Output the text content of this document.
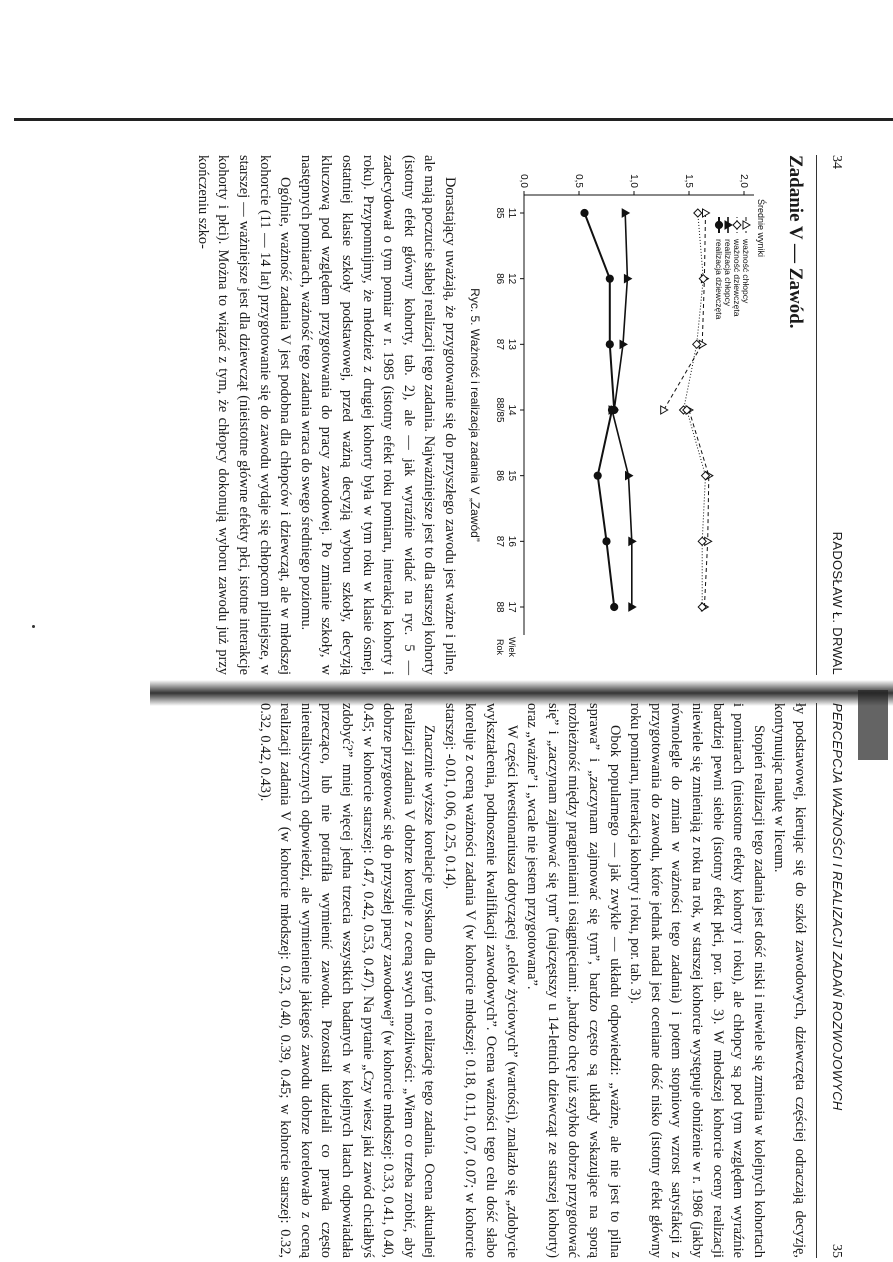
34
RADOSŁAW Ł. DRWAL
Zadanie V — Zawód.
0,0	0,5	1,0	1,5	2,0
Średnie wyniki
11
85
12
86
13
87
14
88/85
15
86
16
87
17
88
Wiek
Rok
ważność chłopcy
ważność dziewczęta
realizacja chłopcy
realizacja dziewczęta
Ryc. 5. Ważność i realizacja zadania V „Zawód”

Dorastający uważają, że przygotowanie się do przyszłego zawodu jest ważne i pilne, ale mają poczucie słabej realizacji tego zadania. Najważniejsze jest to dla starszej kohorty (istotny efekt główny kohorty, tab. 2), ale — jak wyraźnie widać na ryc. 5 — zadecydował o tym pomiar w r. 1985 (istotny efekt roku pomiaru, interakcja kohorty i roku). Przypomnijmy, że młodzież z drugiej kohorty była w tym roku w klasie ósmej, ostatniej klasie szkoły podstawowej, przed ważną decyzją wyboru szkoły, decyzją kluczową pod względem przygotowania do pracy zawodowej. Po zmianie szkoły, w następnych pomiarach, ważność tego zadania wraca do swego średniego poziomu.

Ogólnie, ważność zadania V jest podobna dla chłopców i dziewcząt, ale w młodszej kohorcie (11 — 14 lat) przygotowanie się do zawodu wydaje się chłopcom pilniejsze, w starszej — ważniejsze jest dla dziewcząt (nieistotne główne efekty płci, istotne interakcje kohorty i płci). Można to wiązać z tym, że chłopcy dokonują wyboru zawodu już przy kończeniu szko-

PERCEPCJA WAŻNOŚCI I REALIZACJI ZADAŃ ROZWOJOWYCH
35

ły podstawowej, kierując się do szkół zawodowych, dziewczęta częściej odraczają decyzję, kontynuując naukę w liceum.

Stopień realizacji tego zadania jest dość niski i niewiele się zmienia w kolejnych kohortach i pomiarach (nieistotne efekty kohorty i roku), ale chłopcy są pod tym względem wyraźnie bardziej pewni siebie (istotny efekt płci, por. tab. 3). W młodszej kohorcie oceny realizacji niewiele się zmieniają z roku na rok, w starszej kohorcie występuje obniżenie w r. 1986 (jakby równolegle do zmian w ważności tego zadania) i potem stopniowy wzrost satysfakcji z przygotowania do zawodu, które jednak nadal jest oceniane dość nisko (istotny efekt główny roku pomiaru, interakcja kohorty i roku, por. tab. 3).

Obok popularnego — jak zwykle — układu odpowiedzi: „ważne, ale nie jest to pilna sprawa” i „zaczynam zajmować się tym”, bardzo często są układy wskazujące na sporą rozbieżność między pragnieniami i osiągnięciami: „bardzo chcę już szybko dobrze przygotować się” i „zaczynam zajmować się tym” (najczęstszy u 14-letnich dziewcząt ze starszej kohorty) oraz „ważne” i „wcale nie jestem przygotowana”.

W części kwestionariusza dotyczącej „celów życiowych” (wartości), znalazło się „zdobycie wykształcenia, podnoszenie kwalifikacji zawodowych”. Ocena ważności tego celu dość słabo koreluje z oceną ważności zadania V (w kohorcie młodszej: 0.18, 0.11, 0.07, 0.07; w kohorcie starszej: -0.01, 0.06, 0.25, 0.14).

Znacznie wyższe korelacje uzyskano dla pytań o realizację tego zadania. Ocena aktualnej realizacji zadania V dobrze koreluje z oceną swych możliwości: „Wiem co trzeba zrobić, aby dobrze przygotować się do przyszłej pracy zawodowej” (w kohorcie młodszej: 0.33, 0.41, 0.40, 0.45; w kohorcie starszej: 0.47, 0.42, 0.53, 0.47). Na pytanie „Czy wiesz jaki zawód chciałbyś zdobyć?” mniej więcej jedna trzecia wszystkich badanych w kolejnych latach odpowiadała przecząco, lub nie potrafiła wymienić zawodu. Pozostali udzielali co prawda często nierealistycznych odpowiedzi, ale wymienienie jakiegoś zawodu dobrze korelowało z oceną realizacji zadania V (w kohorcie młodszej: 0.23, 0.40, 0.39, 0.45; w kohorcie starszej: 0.32, 0.32, 0.42, 0.43).
